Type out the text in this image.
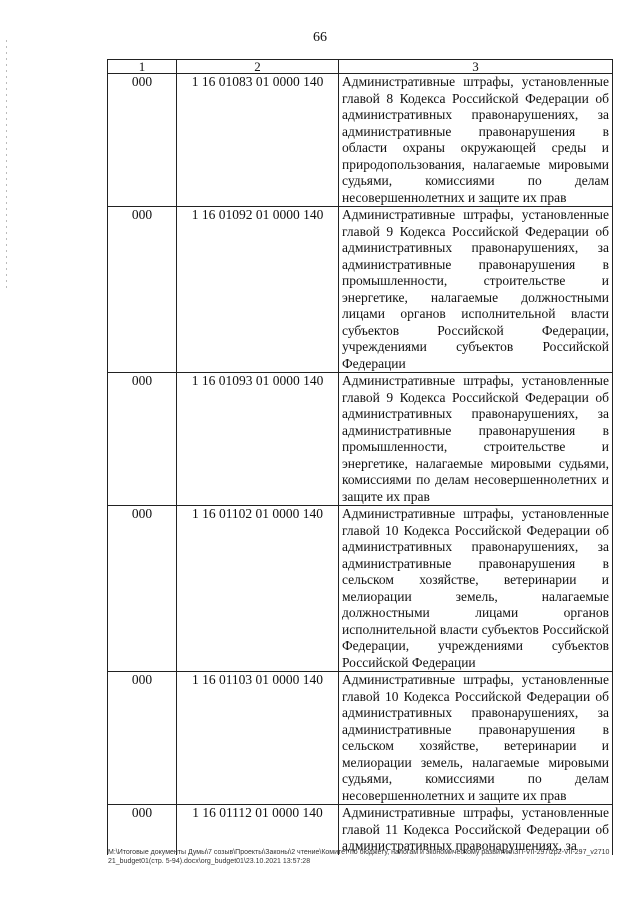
66
1	2	3
000	1 16 01083 01 0000 140	Административные штрафы, установленные главой 8 Кодекса Российской Федерации об административных правонарушениях, за административные правонарушения в области охраны окружающей среды и природопользования, налагаемые мировыми судьями, комиссиями по делам несовершеннолетних и защите их прав
000	1 16 01092 01 0000 140	Административные штрафы, установленные главой 9 Кодекса Российской Федерации об административных правонарушениях, за административные правонарушения в промышленности, строительстве и энергетике, налагаемые должностными лицами органов исполнительной власти субъектов Российской Федерации, учреждениями субъектов Российской Федерации
000	1 16 01093 01 0000 140	Административные штрафы, установленные главой 9 Кодекса Российской Федерации об административных правонарушениях, за административные правонарушения в промышленности, строительстве и энергетике, налагаемые мировыми судьями, комиссиями по делам несовершеннолетних и защите их прав
000	1 16 01102 01 0000 140	Административные штрафы, установленные главой 10 Кодекса Российской Федерации об административных правонарушениях, за административные правонарушения в сельском хозяйстве, ветеринарии и мелиорации земель, налагаемые должностными лицами органов исполнительной власти субъектов Российской Федерации, учреждениями субъектов Российской Федерации
000	1 16 01103 01 0000 140	Административные штрафы, установленные главой 10 Кодекса Российской Федерации об административных правонарушениях, за административные правонарушения в сельском хозяйстве, ветеринарии и мелиорации земель, налагаемые мировыми судьями, комиссиями по делам несовершеннолетних и защите их прав
000	1 16 01112 01 0000 140	Административные штрафы, установленные главой 11 Кодекса Российской Федерации об административных правонарушениях, за
M:\Итоговые документы Думы\7 созыв\Проекты\Законы\2 чтение\Комитет по бюджету, налогам и экономическому развитию\ЗП-VII-297\zp2-VII-297_v271021_budget01(стр. 5-94).docx\org_budget01\23.10.2021 13:57:28
